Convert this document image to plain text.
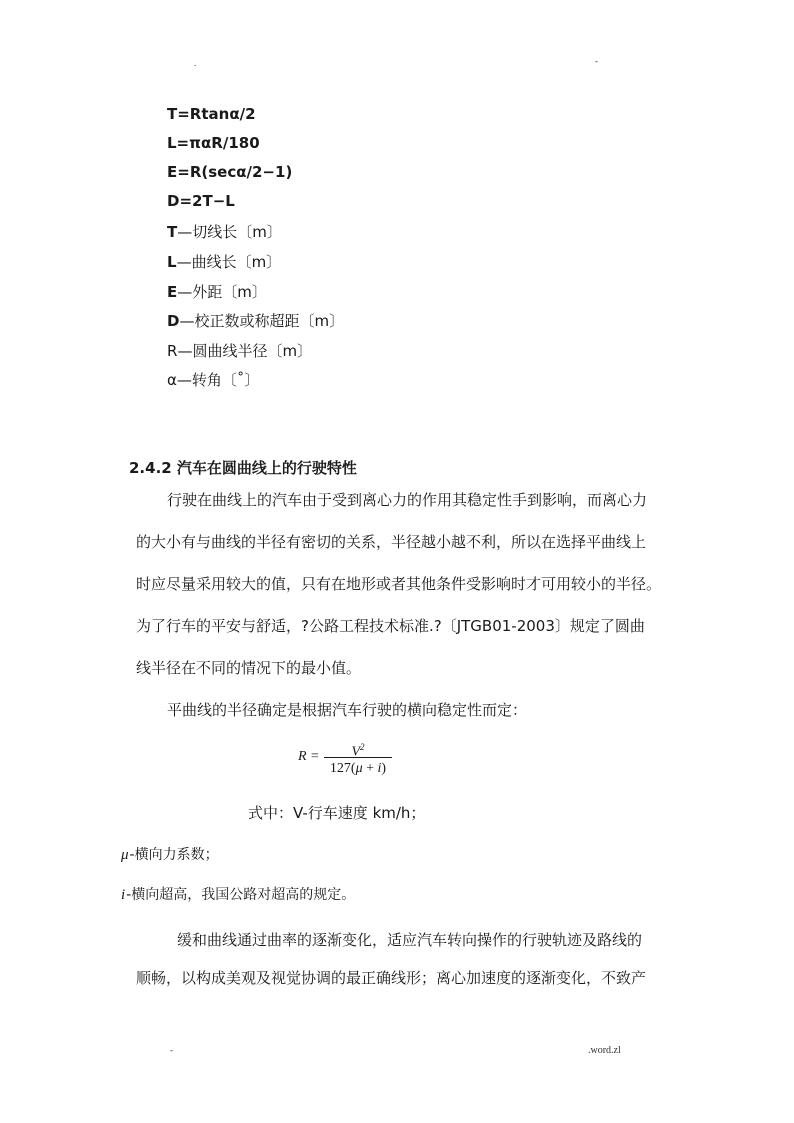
.	-
T=Rtanα/2
L=παR/180
E=R(secα/2−1)
D=2T−L
T—切线长〔m〕
L—曲线长〔m〕
E—外距〔m〕
D—校正数或称超距〔m〕
R—圆曲线半径〔m〕
α—转角〔˚〕
2.4.2 汽车在圆曲线上的行驶特性
行驶在曲线上的汽车由于受到离心力的作用其稳定性手到影响，而离心力
的大小有与曲线的半径有密切的关系，半径越小越不利，所以在选择平曲线上
时应尽量采用较大的值，只有在地形或者其他条件受影响时才可用较小的半径。
为了行车的平安与舒适，?公路工程技术标准.?〔JTGB01-2003〕规定了圆曲
线半径在不同的情况下的最小值。
平曲线的半径确定是根据汽车行驶的横向稳定性而定：
R =	$V^2$
127(μ + i)
式中：V-行车速度 km/h；
μ-横向力系数；
i-横向超高，我国公路对超高的规定。
缓和曲线通过曲率的逐渐变化，适应汽车转向操作的行驶轨迹及路线的
顺畅，以构成美观及视觉协调的最正确线形；离心加速度的逐渐变化，不致产
-	.word.zl
